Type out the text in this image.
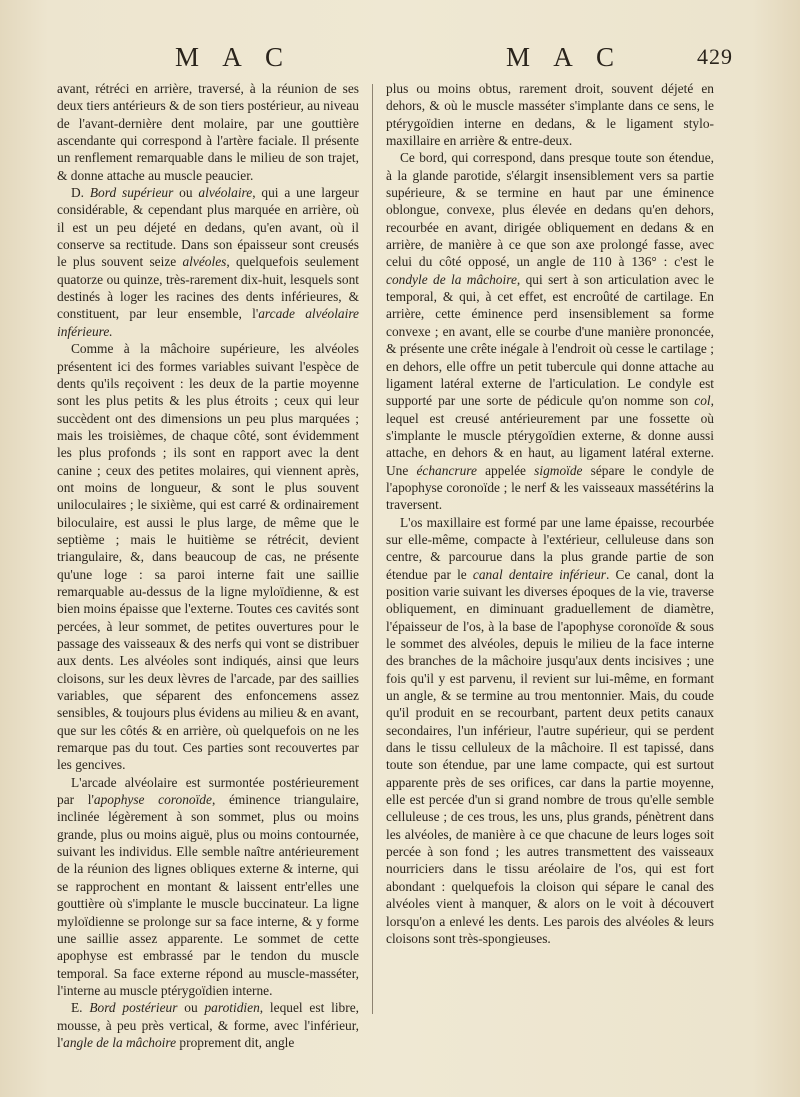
M A C	M A C	429

avant, rétréci en arrière, traversé, à la réunion de ses deux tiers antérieurs & de son tiers postérieur, au niveau de l'avant-dernière dent molaire, par une gouttière ascendante qui correspond à l'artère faciale. Il présente un renflement remarquable dans le milieu de son trajet, & donne attache au muscle peaucier.

D. Bord supérieur ou alvéolaire, qui a une largeur considérable, & cependant plus marquée en arrière, où il est un peu déjeté en dedans, qu'en avant, où il conserve sa rectitude. Dans son épaisseur sont creusés le plus souvent seize alvéoles, quelquefois seulement quatorze ou quinze, très-rarement dix-huit, lesquels sont destinés à loger les racines des dents inférieures, & constituent, par leur ensemble, l'arcade alvéolaire inférieure.

Comme à la mâchoire supérieure, les alvéoles présentent ici des formes variables suivant l'espèce de dents qu'ils reçoivent : les deux de la partie moyenne sont les plus petits & les plus étroits ; ceux qui leur succèdent ont des dimensions un peu plus marquées ; mais les troisièmes, de chaque côté, sont évidemment les plus profonds ; ils sont en rapport avec la dent canine ; ceux des petites molaires, qui viennent après, ont moins de longueur, & sont le plus souvent uniloculaires ; le sixième, qui est carré & ordinairement biloculaire, est aussi le plus large, de même que le septième ; mais le huitième se rétrécit, devient triangulaire, &, dans beaucoup de cas, ne présente qu'une loge : sa paroi interne fait une saillie remarquable au-dessus de la ligne myloïdienne, & est bien moins épaisse que l'externe. Toutes ces cavités sont percées, à leur sommet, de petites ouvertures pour le passage des vaisseaux & des nerfs qui vont se distribuer aux dents. Les alvéoles sont indiqués, ainsi que leurs cloisons, sur les deux lèvres de l'arcade, par des saillies variables, que séparent des enfoncemens assez sensibles, & toujours plus évidens au milieu & en avant, que sur les côtés & en arrière, où quelquefois on ne les remarque pas du tout. Ces parties sont recouvertes par les gencives.

L'arcade alvéolaire est surmontée postérieurement par l'apophyse coronoïde, éminence triangulaire, inclinée légèrement à son sommet, plus ou moins grande, plus ou moins aiguë, plus ou moins contournée, suivant les individus. Elle semble naître antérieurement de la réunion des lignes obliques externe & interne, qui se rapprochent en montant & laissent entr'elles une gouttière où s'implante le muscle buccinateur. La ligne myloïdienne se prolonge sur sa face interne, & y forme une saillie assez apparente. Le sommet de cette apophyse est embrassé par le tendon du muscle temporal. Sa face externe répond au muscle-masséter, l'interne au muscle ptérygoïdien interne.

E. Bord postérieur ou parotidien, lequel est libre, mousse, à peu près vertical, & forme, avec l'inférieur, l'angle de la mâchoire proprement dit, angle

plus ou moins obtus, rarement droit, souvent déjeté en dehors, & où le muscle masséter s'implante dans ce sens, le ptérygoïdien interne en dedans, & le ligament stylo-maxillaire en arrière & entre-deux.

Ce bord, qui correspond, dans presque toute son étendue, à la glande parotide, s'élargit insensiblement vers sa partie supérieure, & se termine en haut par une éminence oblongue, convexe, plus élevée en dedans qu'en dehors, recourbée en avant, dirigée obliquement en dedans & en arrière, de manière à ce que son axe prolongé fasse, avec celui du côté opposé, un angle de 110 à 136° : c'est le condyle de la mâchoire, qui sert à son articulation avec le temporal, & qui, à cet effet, est encroûté de cartilage. En arrière, cette éminence perd insensiblement sa forme convexe ; en avant, elle se courbe d'une manière prononcée, & présente une crête inégale à l'endroit où cesse le cartilage ; en dehors, elle offre un petit tubercule qui donne attache au ligament latéral externe de l'articulation. Le condyle est supporté par une sorte de pédicule qu'on nomme son col, lequel est creusé antérieurement par une fossette où s'implante le muscle ptérygoïdien externe, & donne aussi attache, en dehors & en haut, au ligament latéral externe. Une échancrure appelée sigmoïde sépare le condyle de l'apophyse coronoïde ; le nerf & les vaisseaux massétérins la traversent.

L'os maxillaire est formé par une lame épaisse, recourbée sur elle-même, compacte à l'extérieur, celluleuse dans son centre, & parcourue dans la plus grande partie de son étendue par le canal dentaire inférieur. Ce canal, dont la position varie suivant les diverses époques de la vie, traverse obliquement, en diminuant graduellement de diamètre, l'épaisseur de l'os, à la base de l'apophyse coronoïde & sous le sommet des alvéoles, depuis le milieu de la face interne des branches de la mâchoire jusqu'aux dents incisives ; une fois qu'il y est parvenu, il revient sur lui-même, en formant un angle, & se termine au trou mentonnier. Mais, du coude qu'il produit en se recourbant, partent deux petits canaux secondaires, l'un inférieur, l'autre supérieur, qui se perdent dans le tissu celluleux de la mâchoire. Il est tapissé, dans toute son étendue, par une lame compacte, qui est surtout apparente près de ses orifices, car dans la partie moyenne, elle est percée d'un si grand nombre de trous qu'elle semble celluleuse ; de ces trous, les uns, plus grands, pénètrent dans les alvéoles, de manière à ce que chacune de leurs loges soit percée à son fond ; les autres transmettent des vaisseaux nourriciers dans le tissu aréolaire de l'os, qui est fort abondant : quelquefois la cloison qui sépare le canal des alvéoles vient à manquer, & alors on le voit à découvert lorsqu'on a enlevé les dents. Les parois des alvéoles & leurs cloisons sont très-spongieuses.
